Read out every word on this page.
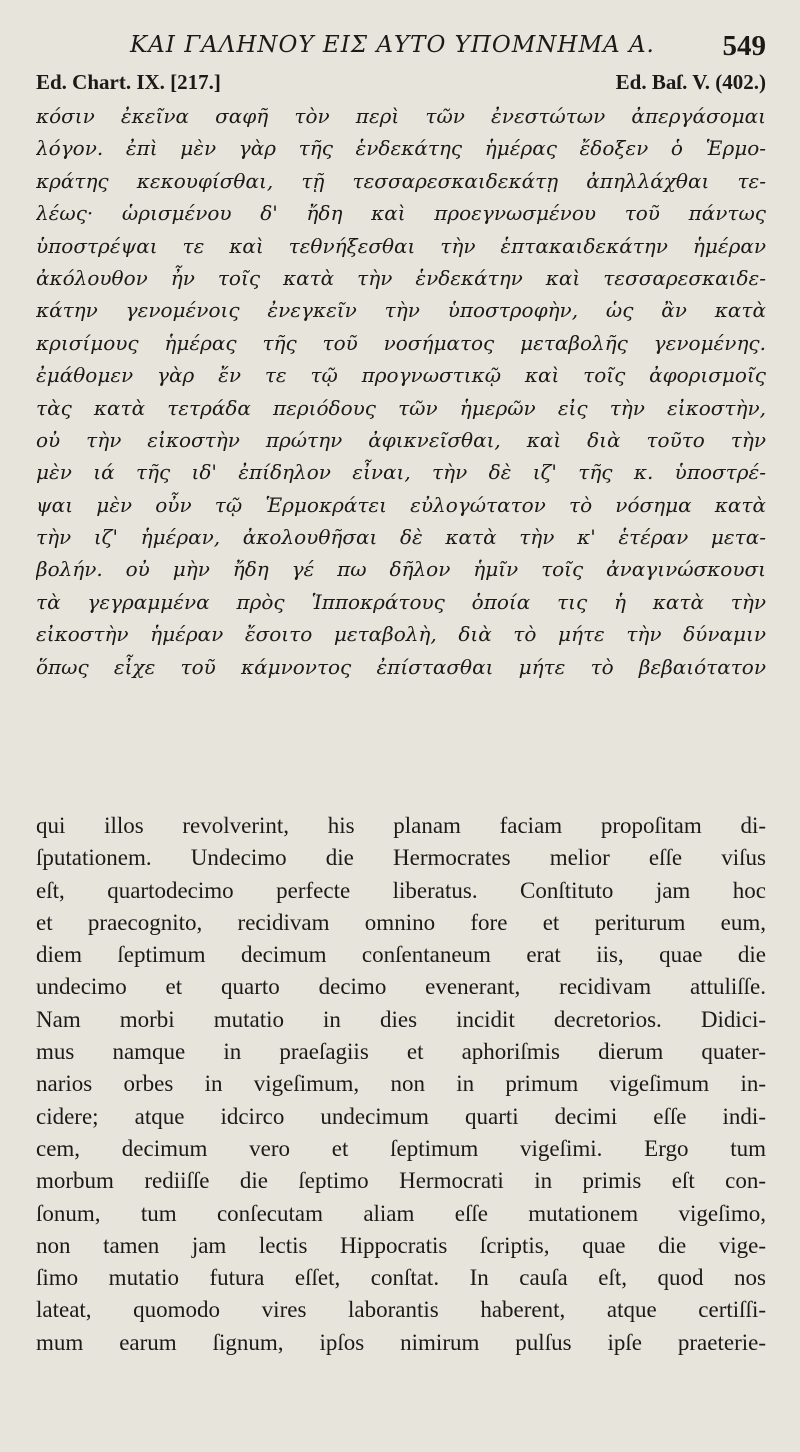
ΚΑΙ ΓΑΛΗΝΟΥ ΕΙΣ ΑΥΤΟ ΥΠΟΜΝΗΜΑ Α. 549
Ed. Chart. IX. [217.]	Ed. Baſ. V. (402.)
κόσιν ἐκεῖνα σαφῆ τὸν περὶ τῶν ἐνεστώτων ἀπεργάσομαι
λόγον. ἐπὶ μὲν γὰρ τῆς ἑνδεκάτης ἡμέρας ἔδοξεν ὁ Ἑρμο-
κράτης κεκουφίσθαι, τῇ τεσσαρεσκαιδεκάτῃ ἀπηλλάχθαι τε-
λέως· ὡρισμένου δ' ἤδη καὶ προεγνωσμένου τοῦ πάντως
ὑποστρέψαι τε καὶ τεθνήξεσθαι τὴν ἑπτακαιδεκάτην ἡμέραν
ἀκόλουθον ἦν τοῖς κατὰ τὴν ἑνδεκάτην καὶ τεσσαρεσκαιδε-
κάτην γενομένοις ἐνεγκεῖν τὴν ὑποστροφὴν, ὡς ἂν κατὰ
κρισίμους ἡμέρας τῆς τοῦ νοσήματος μεταβολῆς γενομένης.
ἐμάθομεν γὰρ ἔν τε τῷ προγνωστικῷ καὶ τοῖς ἀφορισμοῖς
τὰς κατὰ τετράδα περιόδους τῶν ἡμερῶν εἰς τὴν εἰκοστὴν,
οὐ τὴν εἰκοστὴν πρώτην ἀφικνεῖσθαι, καὶ διὰ τοῦτο τὴν
μὲν ιά τῆς ιδ' ἐπίδηλον εἶναι, τὴν δὲ ιζ' τῆς κ. ὑποστρέ-
ψαι μὲν οὖν τῷ Ἑρμοκράτει εὐλογώτατον τὸ νόσημα κατὰ
τὴν ιζ' ἡμέραν, ἀκολουθῆσαι δὲ κατὰ τὴν κ' ἑτέραν μετα-
βολήν. οὐ μὴν ἤδη γέ πω δῆλον ἡμῖν τοῖς ἀναγινώσκουσι
τὰ γεγραμμένα πρὸς Ἱπποκράτους ὁποία τις ἡ κατὰ τὴν
εἰκοστὴν ἡμέραν ἔσοιτο μεταβολὴ, διὰ τὸ μήτε τὴν δύναμιν
ὅπως εἶχε τοῦ κάμνοντος ἐπίστασθαι μήτε τὸ βεβαιότατον
qui illos revolverint, his planam faciam propoſitam di-
ſputationem. Undecimo die Hermocrates melior eſſe viſus
eſt, quartodecimo perfecte liberatus. Conſtituto jam hoc
et praecognito, recidivam omnino fore et periturum eum,
diem ſeptimum decimum conſentaneum erat iis, quae die
undecimo et quarto decimo evenerant, recidivam attuliſſe.
Nam morbi mutatio in dies incidit decretorios. Didici-
mus namque in praeſagiis et aphoriſmis dierum quater-
narios orbes in vigeſimum, non in primum vigeſimum in-
cidere; atque idcirco undecimum quarti decimi eſſe indi-
cem, decimum vero et ſeptimum vigeſimi. Ergo tum
morbum rediiſſe die ſeptimo Hermocrati in primis eſt con-
ſonum, tum conſecutam aliam eſſe mutationem vigeſimo,
non tamen jam lectis Hippocratis ſcriptis, quae die vige-
ſimo mutatio futura eſſet, conſtat. In cauſa eſt, quod nos
lateat, quomodo vires laborantis haberent, atque certiſſi-
mum earum ſignum, ipſos nimirum pulſus ipſe praeterie-
